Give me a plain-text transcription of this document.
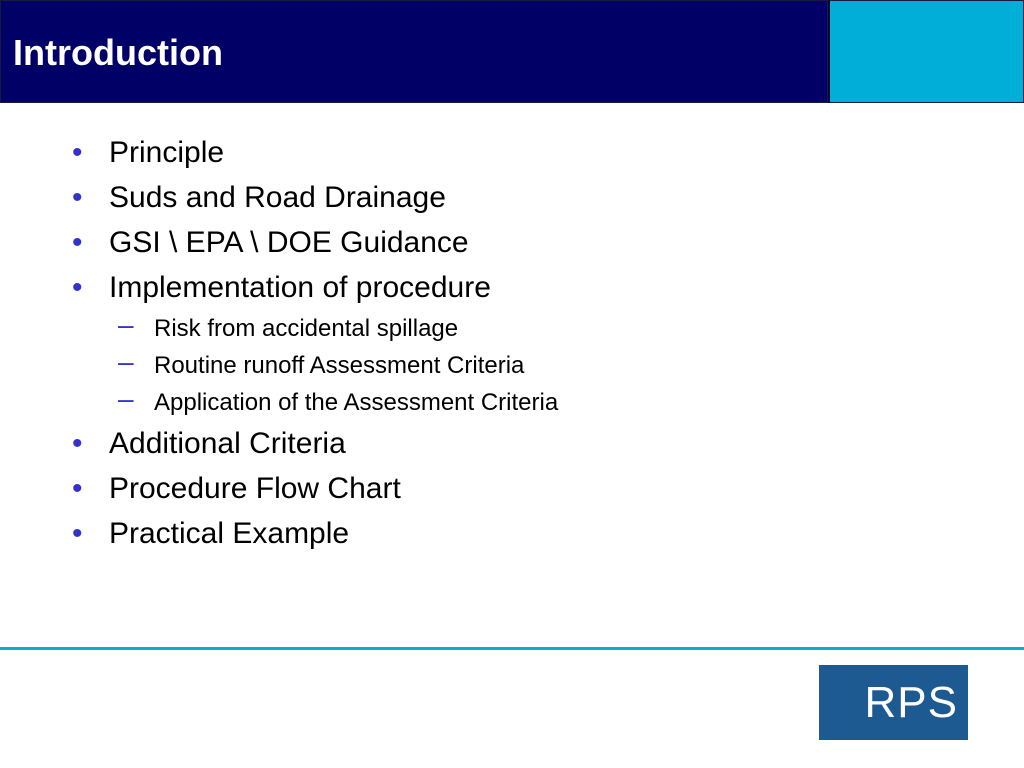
Introduction
• Principle
• Suds and Road Drainage
• GSI \ EPA \ DOE Guidance
• Implementation of procedure
– Risk from accidental spillage
– Routine runoff Assessment Criteria
– Application of the Assessment Criteria
• Additional Criteria
• Procedure Flow Chart
• Practical Example
RPS
